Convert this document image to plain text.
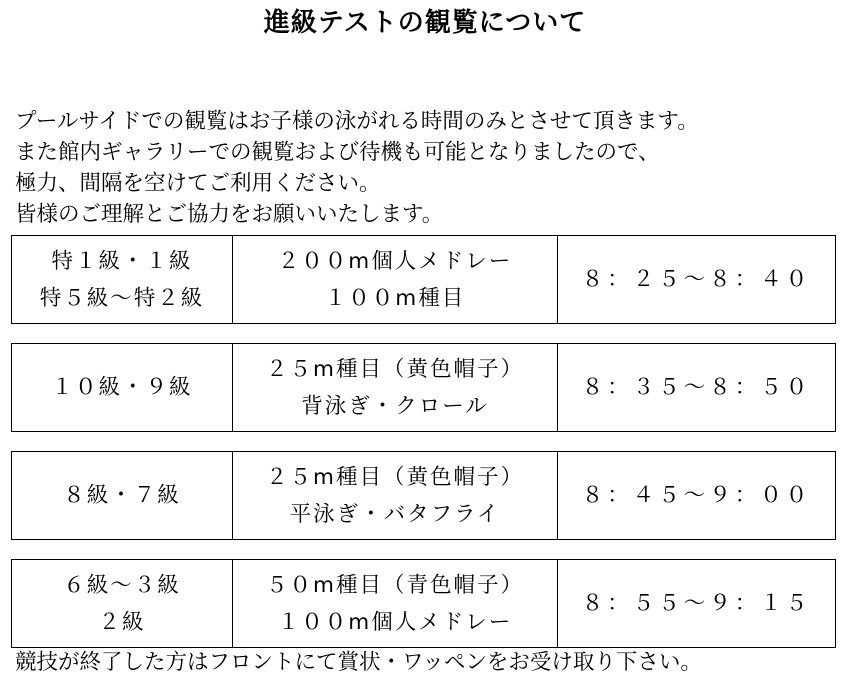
進級テストの観覧について
プールサイドでの観覧はお子様の泳がれる時間のみとさせて頂きます。
また館内ギャラリーでの観覧および待機も可能となりましたので、
極力、間隔を空けてご利用ください。
皆様のご理解とご協力をお願いいたします。
特１級・１級
特５級～特２級

２００m個人メドレー
１００m種目
	８：２５～８：４０
１０級・９級

２５m種目（黄色帽子）
背泳ぎ・クロール
	８：３５～８：５０
８級・７級

２５m種目（黄色帽子）
平泳ぎ・バタフライ
	８：４５～９：００
６級～３級
２級

５０m種目（青色帽子）
１００m個人メドレー
	８：５５～９：１５
競技が終了した方はフロントにて賞状・ワッペンをお受け取り下さい。
